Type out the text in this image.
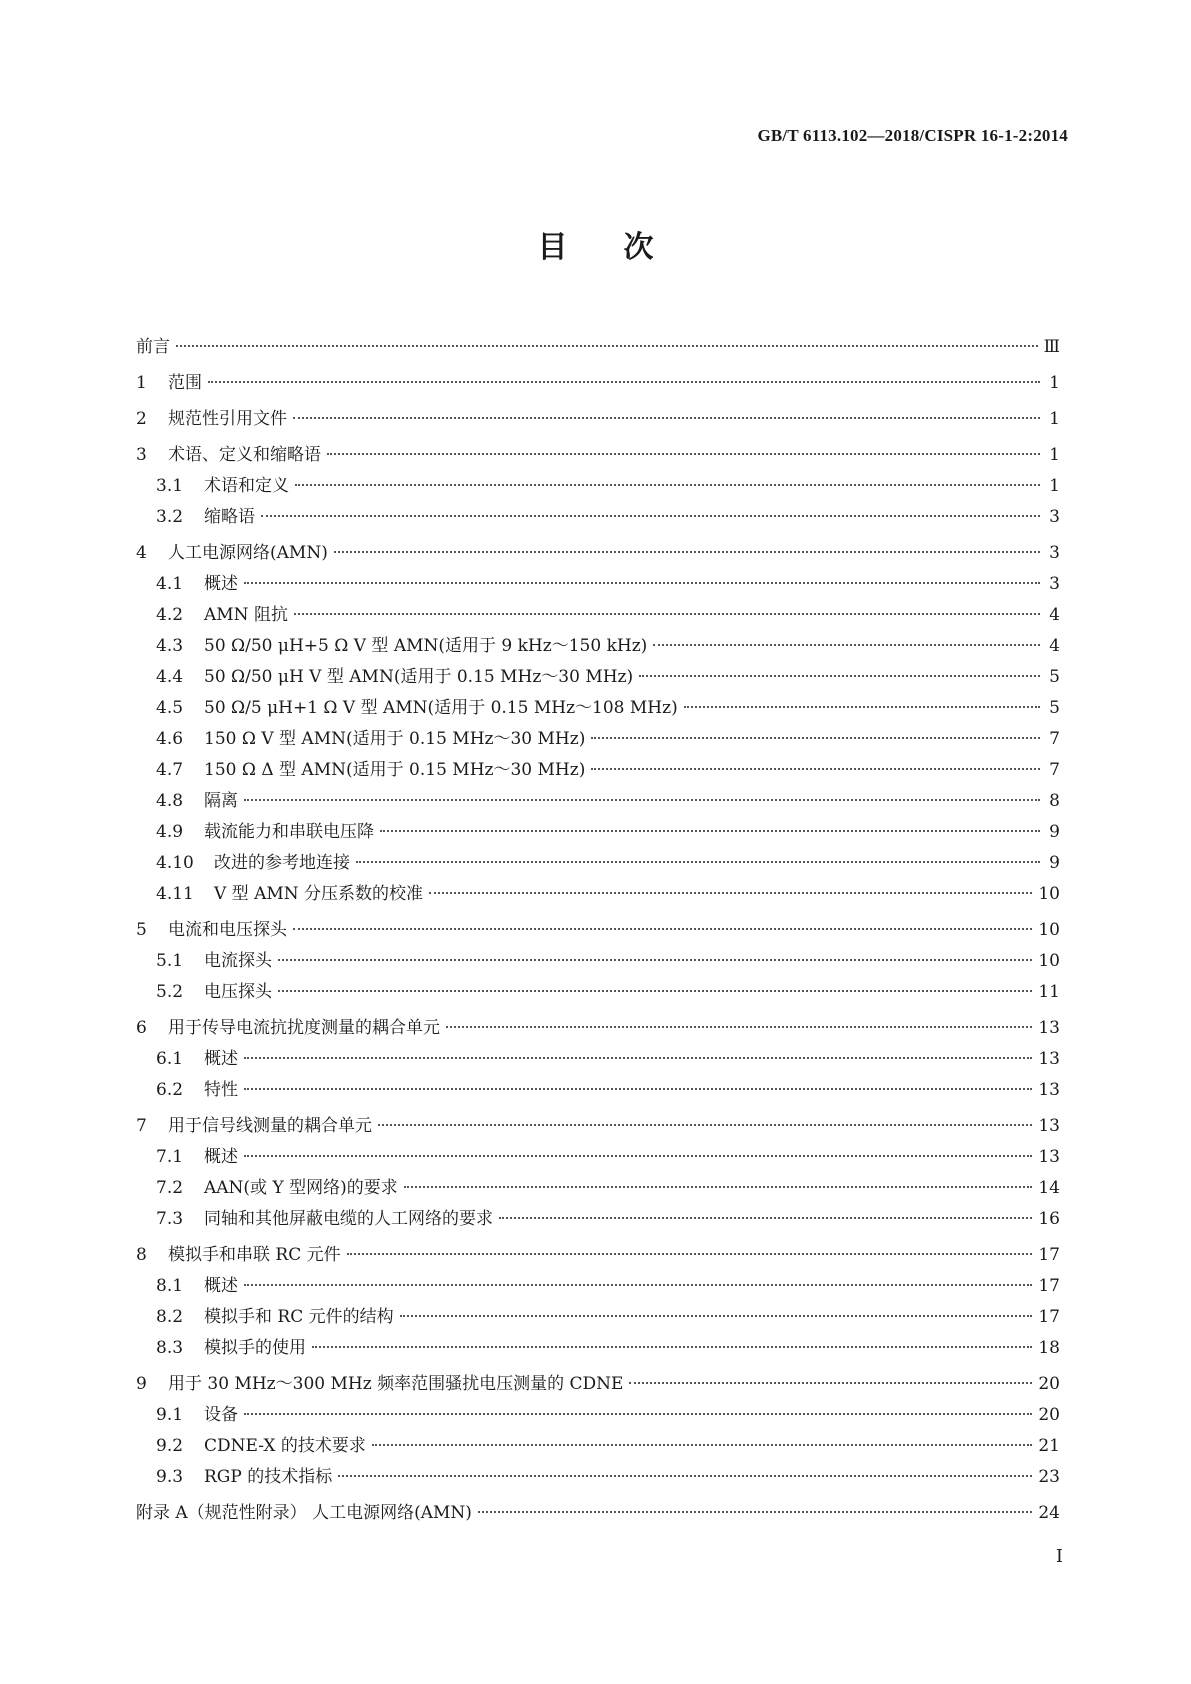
GB/T 6113.102—2018/CISPR 16-1-2:2014
目次
前言	Ⅲ
1	范围	1
2	规范性引用文件	1
3	术语、定义和缩略语	1
3.1	术语和定义	1
3.2	缩略语	3
4	人工电源网络(AMN)	3
4.1	概述	3
4.2	AMN 阻抗	4
4.3	50 Ω/50 μH+5 Ω V 型 AMN(适用于 9 kHz～150 kHz)	4
4.4	50 Ω/50 μH V 型 AMN(适用于 0.15 MHz～30 MHz)	5
4.5	50 Ω/5 μH+1 Ω V 型 AMN(适用于 0.15 MHz～108 MHz)	5
4.6	150 Ω V 型 AMN(适用于 0.15 MHz～30 MHz)	7
4.7	150 Ω Δ 型 AMN(适用于 0.15 MHz～30 MHz)	7
4.8	隔离	8
4.9	载流能力和串联电压降	9
4.10	改进的参考地连接	9
4.11	V 型 AMN 分压系数的校准	10
5	电流和电压探头	10
5.1	电流探头	10
5.2	电压探头	11
6	用于传导电流抗扰度测量的耦合单元	13
6.1	概述	13
6.2	特性	13
7	用于信号线测量的耦合单元	13
7.1	概述	13
7.2	AAN(或 Y 型网络)的要求	14
7.3	同轴和其他屏蔽电缆的人工网络的要求	16
8	模拟手和串联 RC 元件	17
8.1	概述	17
8.2	模拟手和 RC 元件的结构	17
8.3	模拟手的使用	18
9	用于 30 MHz～300 MHz 频率范围骚扰电压测量的 CDNE	20
9.1	设备	20
9.2	CDNE-X 的技术要求	21
9.3	RGP 的技术指标	23
附录 A（规范性附录） 人工电源网络(AMN)	24
I
